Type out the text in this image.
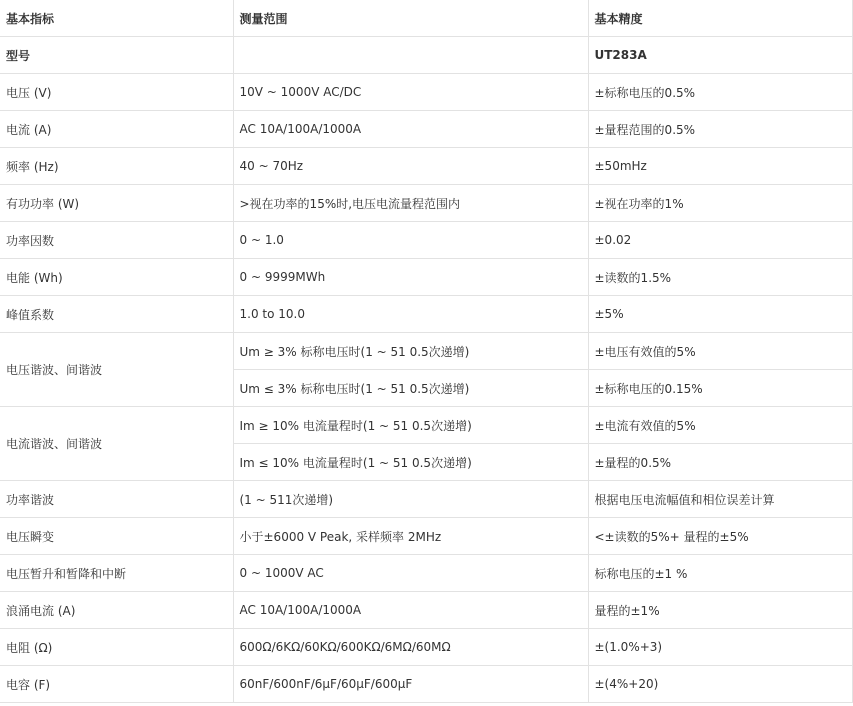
基本指标	测量范围	基本精度
型号		UT283A
电压 (V)	10V ~ 1000V AC/DC	±标称电压的0.5%
电流 (A)	AC 10A/100A/1000A	±量程范围的0.5%
频率 (Hz)	40 ~ 70Hz	±50mHz
有功功率 (W)	>视在功率的15%时,电压电流量程范围内	±视在功率的1%
功率因数	0 ~ 1.0	±0.02
电能 (Wh)	0 ~ 9999MWh	±读数的1.5%
峰值系数	1.0 to 10.0	±5%
电压谐波、间谐波	Um ≥ 3% 标称电压时(1 ~ 51 0.5次递增)	±电压有效值的5%
	Um ≤ 3% 标称电压时(1 ~ 51 0.5次递增)	±标称电压的0.15%
电流谐波、间谐波	Im ≥ 10% 电流量程时(1 ~ 51 0.5次递增)	±电流有效值的5%
	Im ≤ 10% 电流量程时(1 ~ 51 0.5次递增)	±量程的0.5%
功率谐波	(1 ~ 511次递增)	根据电压电流幅值和相位误差计算
电压瞬变	小于±6000 V Peak, 采样频率 2MHz	<±读数的5%+ 量程的±5%
电压暂升和暂降和中断	0 ~ 1000V AC	标称电压的±1 %
浪涌电流 (A)	AC 10A/100A/1000A	量程的±1%
电阻 (Ω)	600Ω/6KΩ/60KΩ/600KΩ/6MΩ/60MΩ	±(1.0%+3)
电容 (F)	60nF/600nF/6μF/60μF/600μF	±(4%+20)
